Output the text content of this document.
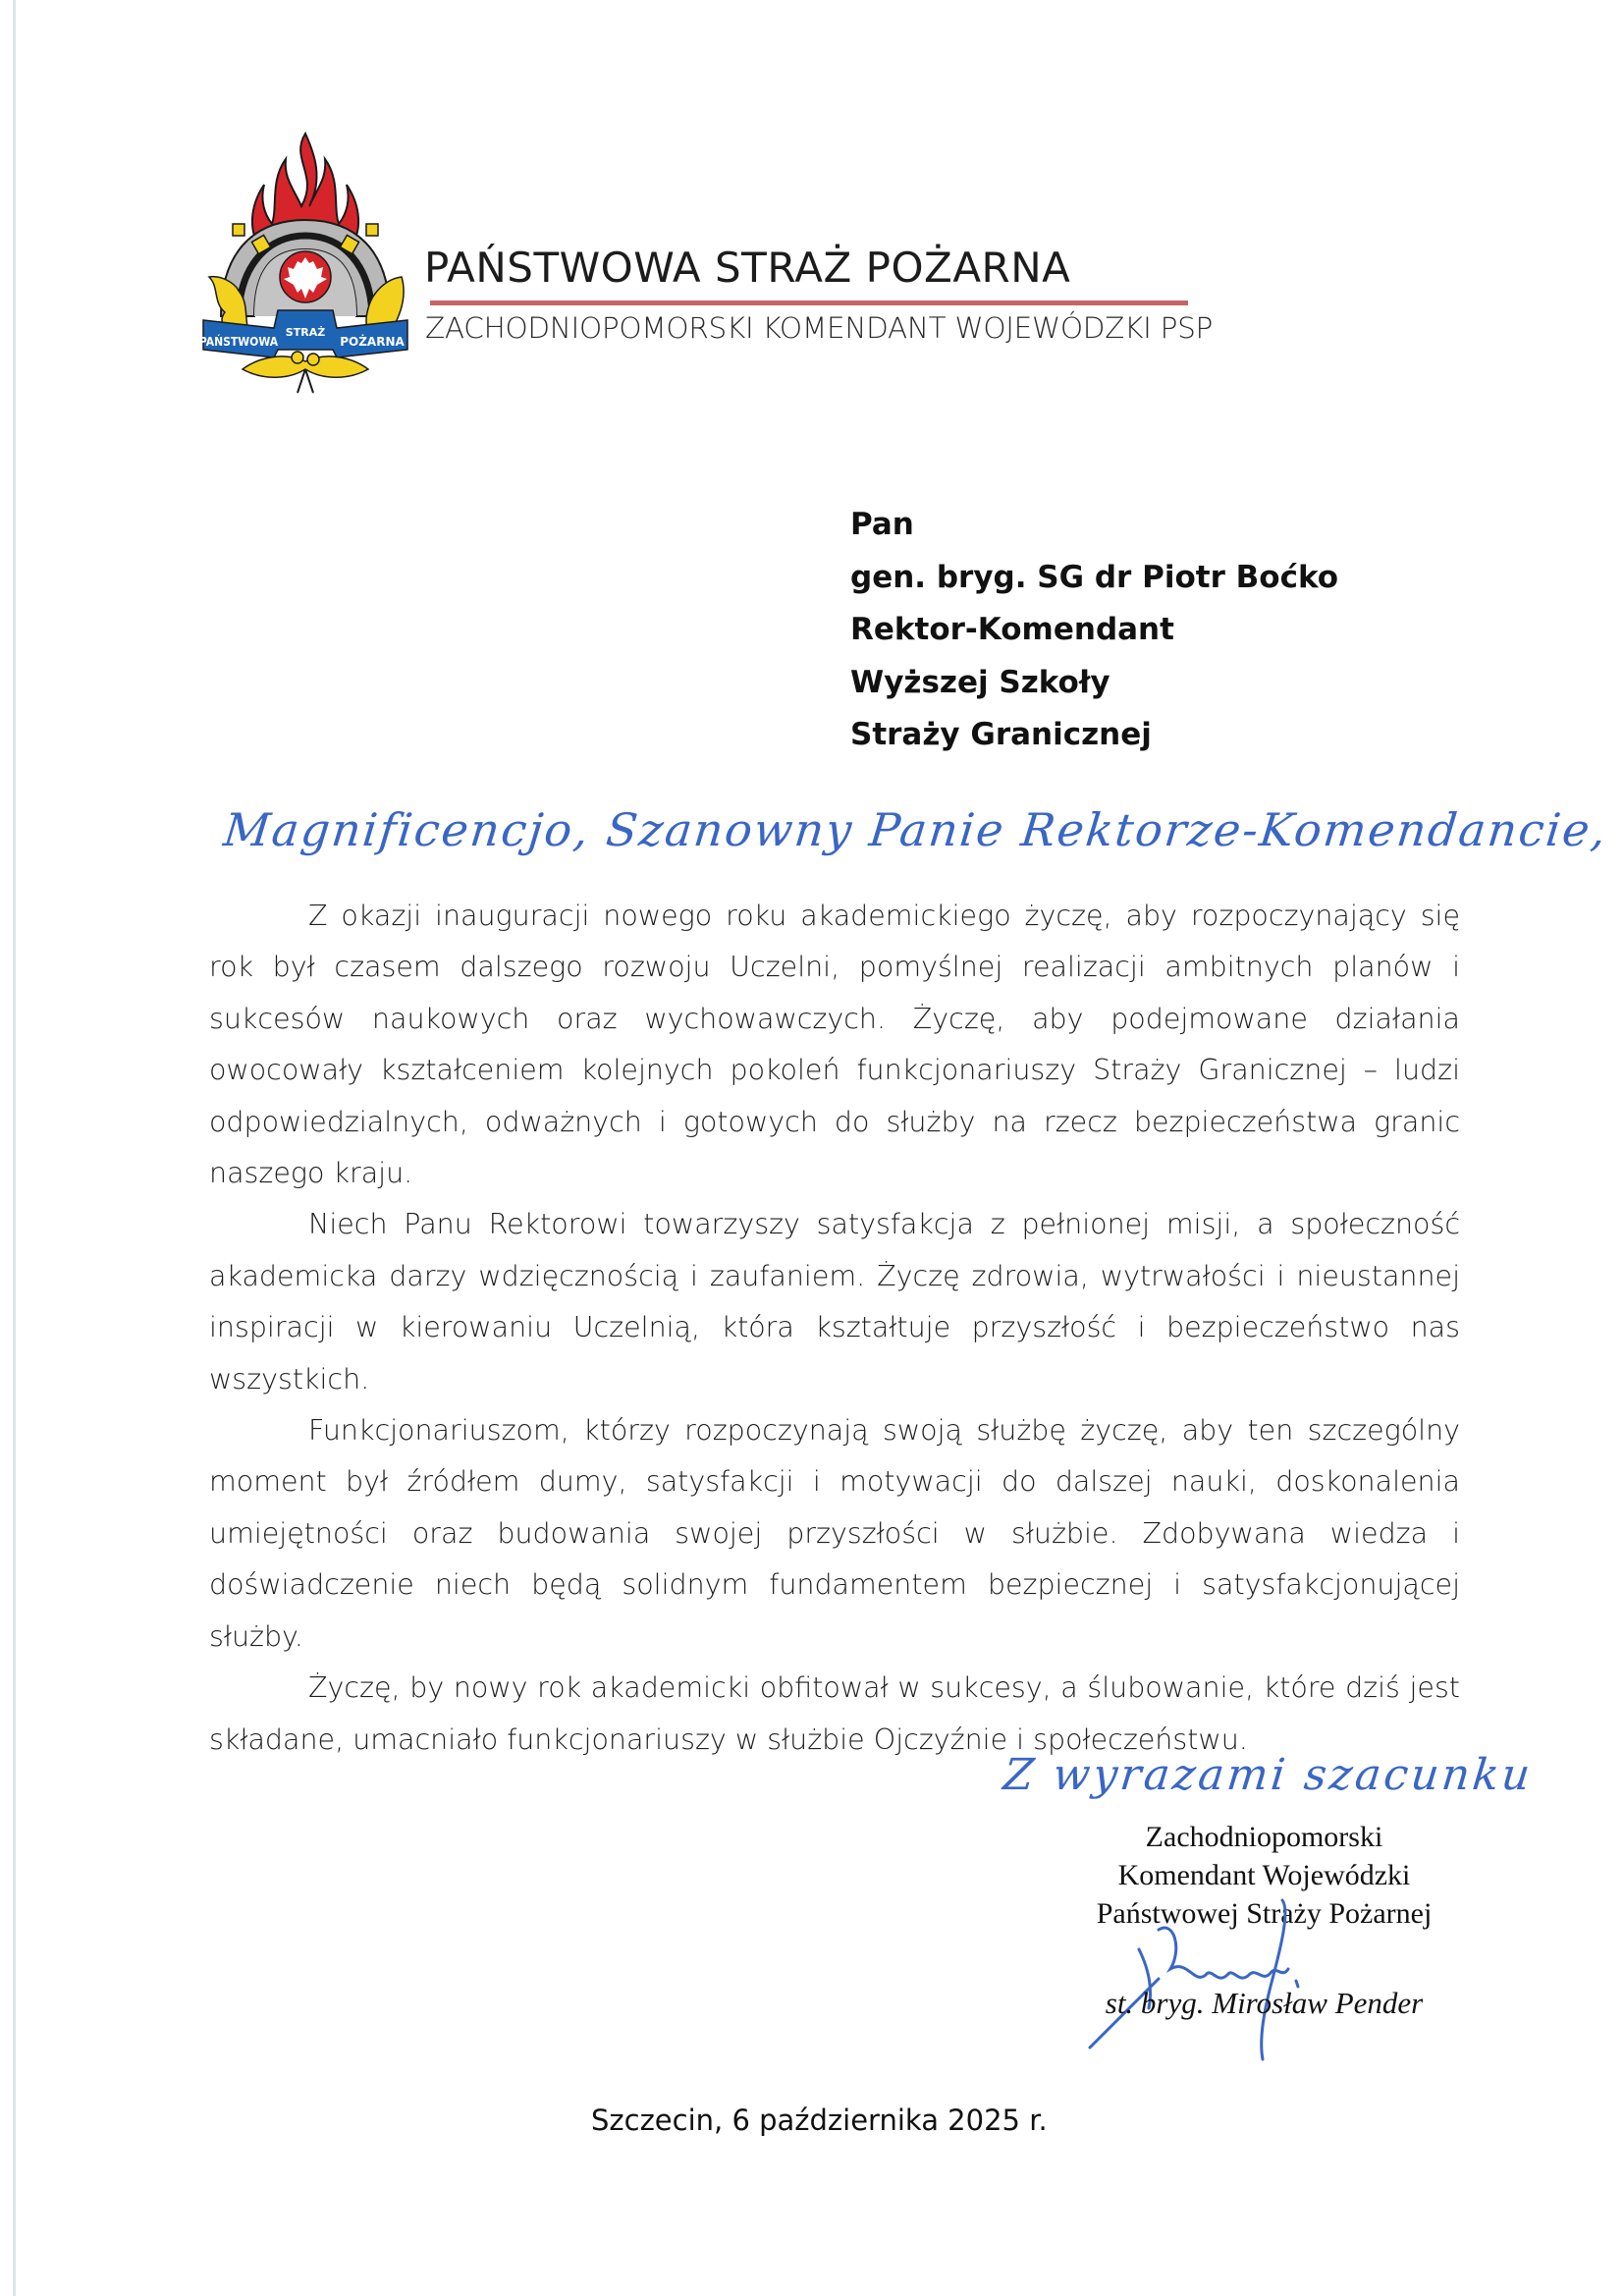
PAŃSTWOWA
STRAŻ
POŻARNA
PAŃSTWOWA STRAŻ POŻARNA
ZACHODNIOPOMORSKI KOMENDANT WOJEWÓDZKI PSP
Pan
gen. bryg. SG dr Piotr Boćko
Rektor-Komendant
Wyższej Szkoły
Straży Granicznej
Magnificencjo, Szanowny Panie Rektorze-Komendancie,

Z okazji inauguracji nowego roku akademickiego życzę, aby rozpoczynający się rok był czasem dalszego rozwoju Uczelni, pomyślnej realizacji ambitnych planów i sukcesów naukowych oraz wychowawczych. Życzę, aby podejmowane działania owocowały kształceniem kolejnych pokoleń funkcjonariuszy Straży Granicznej – ludzi odpowiedzialnych, odważnych i gotowych do służby na rzecz bezpieczeństwa granic naszego kraju.

Niech Panu Rektorowi towarzyszy satysfakcja z pełnionej misji, a społeczność akademicka darzy wdzięcznością i zaufaniem. Życzę zdrowia, wytrwałości i nieustannej inspiracji w kierowaniu Uczelnią, która kształtuje przyszłość i bezpieczeństwo nas wszystkich.

Funkcjonariuszom, którzy rozpoczynają swoją służbę życzę, aby ten szczególny moment był źródłem dumy, satysfakcji i motywacji do dalszej nauki, doskonalenia umiejętności oraz budowania swojej przyszłości w służbie. Zdobywana wiedza i doświadczenie niech będą solidnym fundamentem bezpiecznej i satysfakcjonującej służby.

Życzę, by nowy rok akademicki obfitował w sukcesy, a ślubowanie, które dziś jest składane, umacniało funkcjonariuszy w służbie Ojczyźnie i społeczeństwu.

Z wyrazami szacunku
Zachodniopomorski
Komendant Wojewódzki
Państwowej Straży Pożarnej
st. bryg. Mirosław Pender
Szczecin, 6 października 2025 r.
